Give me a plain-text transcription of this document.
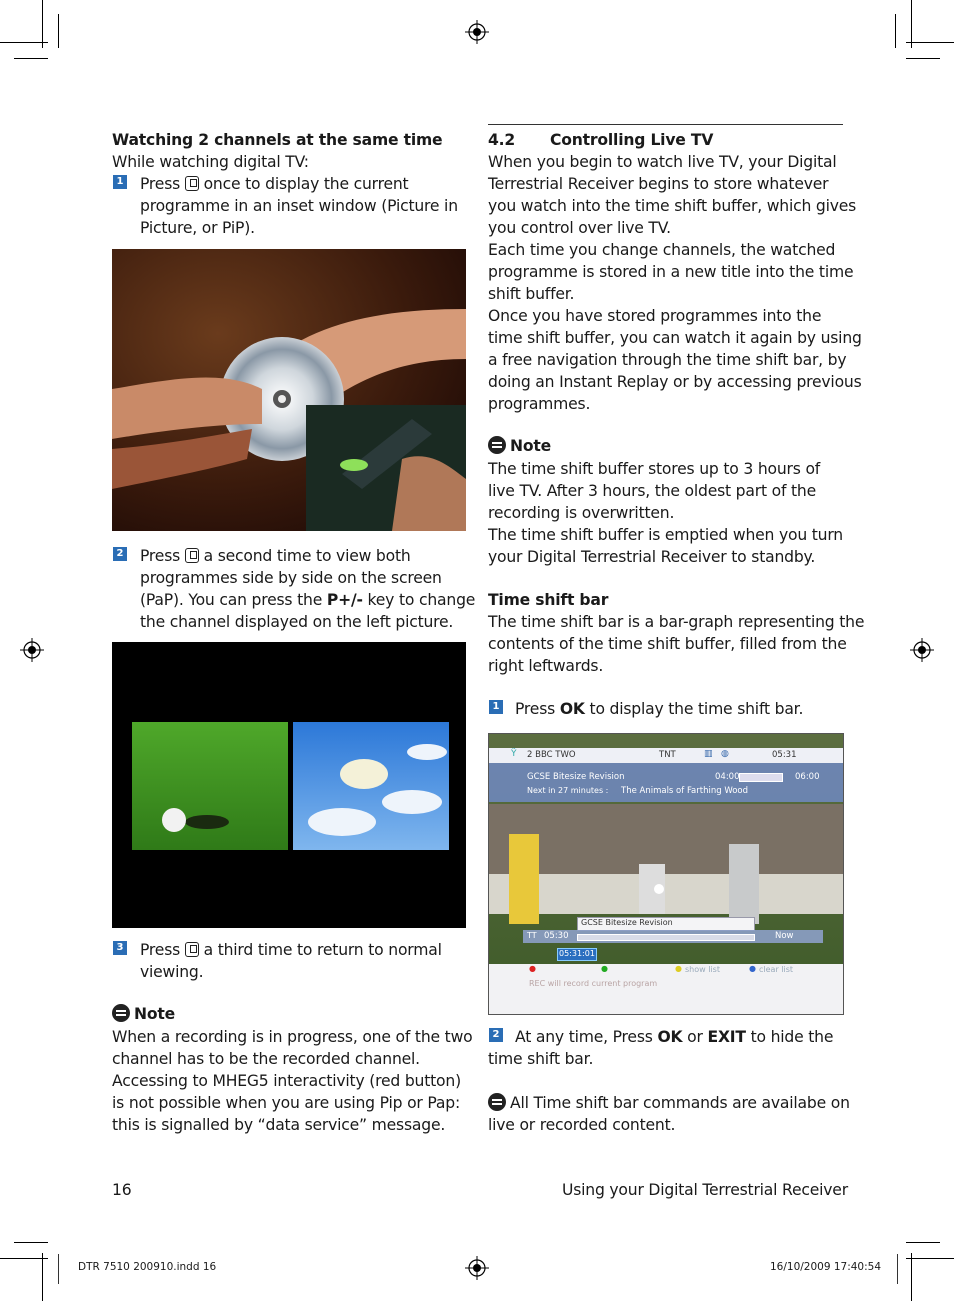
Watching 2 channels at the same time
While watching digital TV:
1 Press once to display the current
programme in an inset window (Picture in
Picture, or PiP).
2 Press a second time to view both
programmes side by side on the screen
(PaP). You can press the P+/- key to change
the channel displayed on the left picture.
3 Press a third time to return to normal
viewing.
Note
When a recording is in progress, one of the two
channel has to be the recorded channel.
Accessing to MHEG5 interactivity (red button)
is not possible when you are using Pip or Pap:
this is signalled by “data service” message.
4.2 Controlling Live TV
When you begin to watch live TV, your Digital
Terrestrial Receiver begins to store whatever
you watch into the time shift buffer, which gives
you control over live TV.
Each time you change channels, the watched
programme is stored in a new title into the time
shift buffer.
Once you have stored programmes into the
time shift buffer, you can watch it again by using
a free navigation through the time shift bar, by
doing an Instant Replay or by accessing previous
programmes.
Note
The time shift buffer stores up to 3 hours of
live TV. After 3 hours, the oldest part of the
recording is overwritten.
The time shift buffer is emptied when you turn
your Digital Terrestrial Receiver to standby.
Time shift bar
The time shift bar is a bar-graph representing the
contents of the time shift buffer, filled from the
right leftwards.
1 Press OK to display the time shift bar.
Ÿ 2 BBC TWO	TNT	▥ ◍	05:31
GCSE Bitesize Revision	04:00	06:00
Next in 27 minutes : The Animals of Farthing Wood
GCSE Bitesize Revision
TT 05:30	Now
05:31:01
●	●	● show list	● clear list
REC will record current program
2 At any time, Press OK or EXIT to hide the
time shift bar.
All Time shift bar commands are availabe on
live or recorded content.
16	Using your Digital Terrestrial Receiver
DTR 7510 200910.indd 16	16/10/2009 17:40:54
